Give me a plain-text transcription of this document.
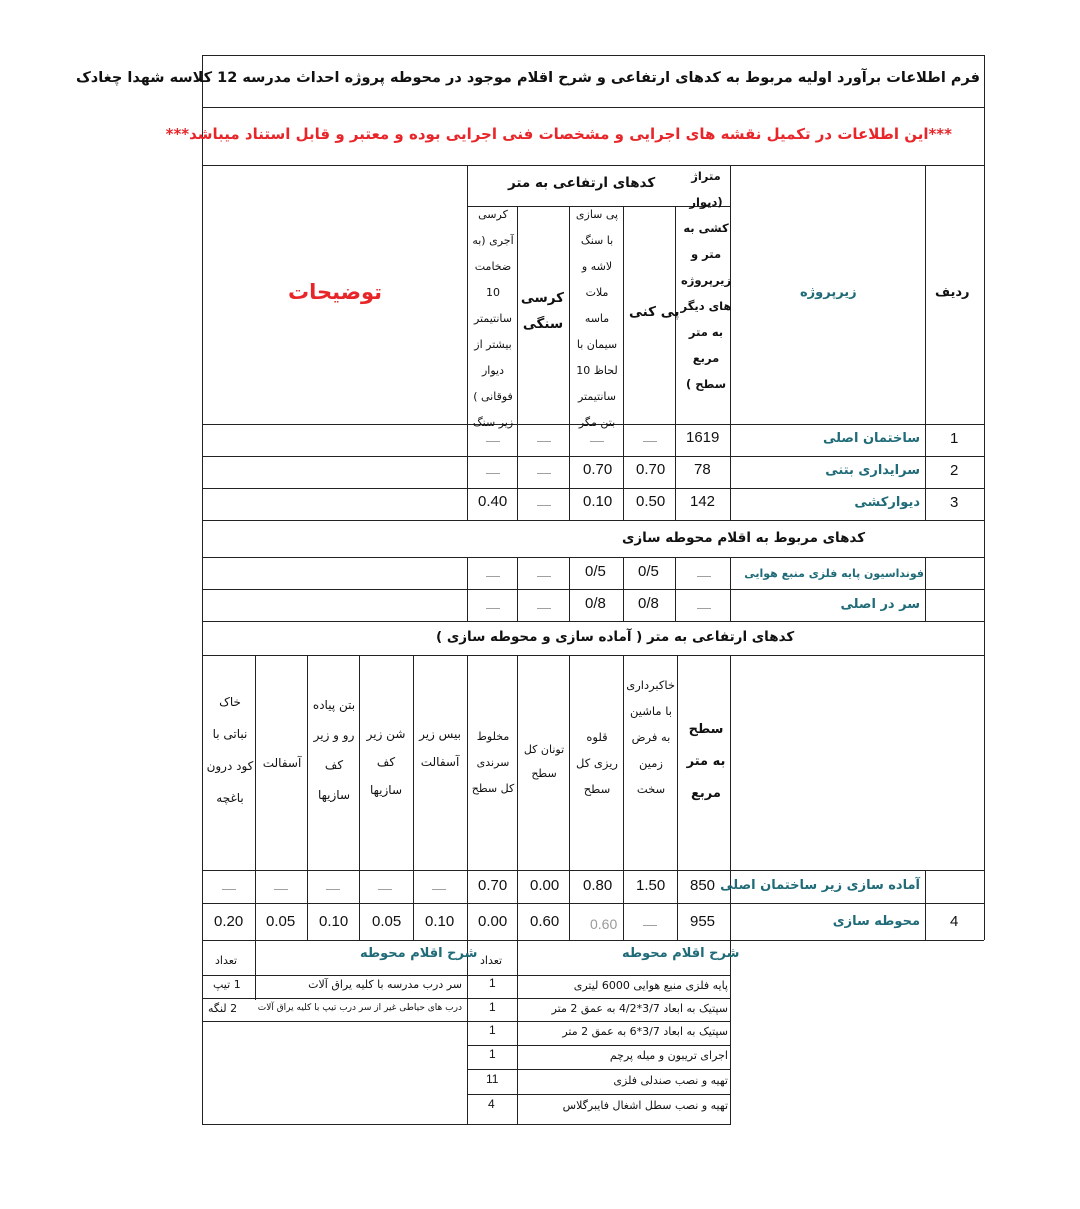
فرم اطلاعات برآورد اولیه مربوط به کدهای ارتفاعی و شرح اقلام موجود در محوطه پروژه احداث مدرسه 12 کلاسه شهدا چغادک
***این اطلاعات در تکمیل نقشه های اجرایی و مشخصات فنی اجرایی بوده و معتبر و قابل استناد میباشد***
ردیف
زیرپروژه
متراژ (دیوار کشی به متر و زیرپروژه های دیگر به متر مربع سطح )
کدهای ارتفاعی به متر
پی کنی
پی سازی با سنگ لاشه و ملات ماسه سیمان با لحاظ 10 سانتیمتر بتن مگر
کرسی سنگی
کرسی آجری (به ضخامت 10 سانتیمتر بیشتر از دیوار فوقانی ) زیر سنگ
توضیحات
1
ساختمان اصلی
1619
—
—
—
—
2
سرایداری بتنی
78
0.70
0.70
—
—
3
دیوارکشی
142
0.50
0.10
—
0.40
کدهای مربوط به اقلام محوطه سازی
فونداسیون پایه فلزی منبع هوایی
—
0/5
0/5
—
—
سر در اصلی
—
0/8
0/8
—
—
کدهای ارتفاعی به متر ( آماده سازی و محوطه سازی )
سطح به متر مربع
خاکبرداری با ماشین به فرض زمین سخت
قلوه ریزی کل سطح
تونان کل سطح
مخلوط سرندی کل سطح
بیس زیر آسفالت
شن زیر کف سازیها
بتن پیاده رو و زیر کف سازیها
آسفالت
خاک نباتی با کود درون باغچه
آماده سازی زیر ساختمان اصلی
850
1.50
0.80
0.00
0.70
—
—
—
—
—
4
محوطه سازی
955
—
0.60
0.60
0.00
0.10
0.05
0.10
0.05
0.20
شرح اقلام محوطه
تعداد
پایه فلزی منبع هوایی 6000 لیتری
سپتیک به ابعاد 3/7*4/2 به عمق 2 متر
سپتیک به ابعاد 3/7*6 به عمق 2 متر
اجرای تریبون و میله پرچم
تهیه و نصب صندلی فلزی
تهیه و نصب سطل اشغال فایبرگلاس
1
1
1
1
11
4
شرح اقلام محوطه
تعداد
سر درب مدرسه با کلیه یراق آلات
درب های حیاطی غیر از سر درب تیپ با کلیه یراق آلات
1 تیپ
2 لنگه
